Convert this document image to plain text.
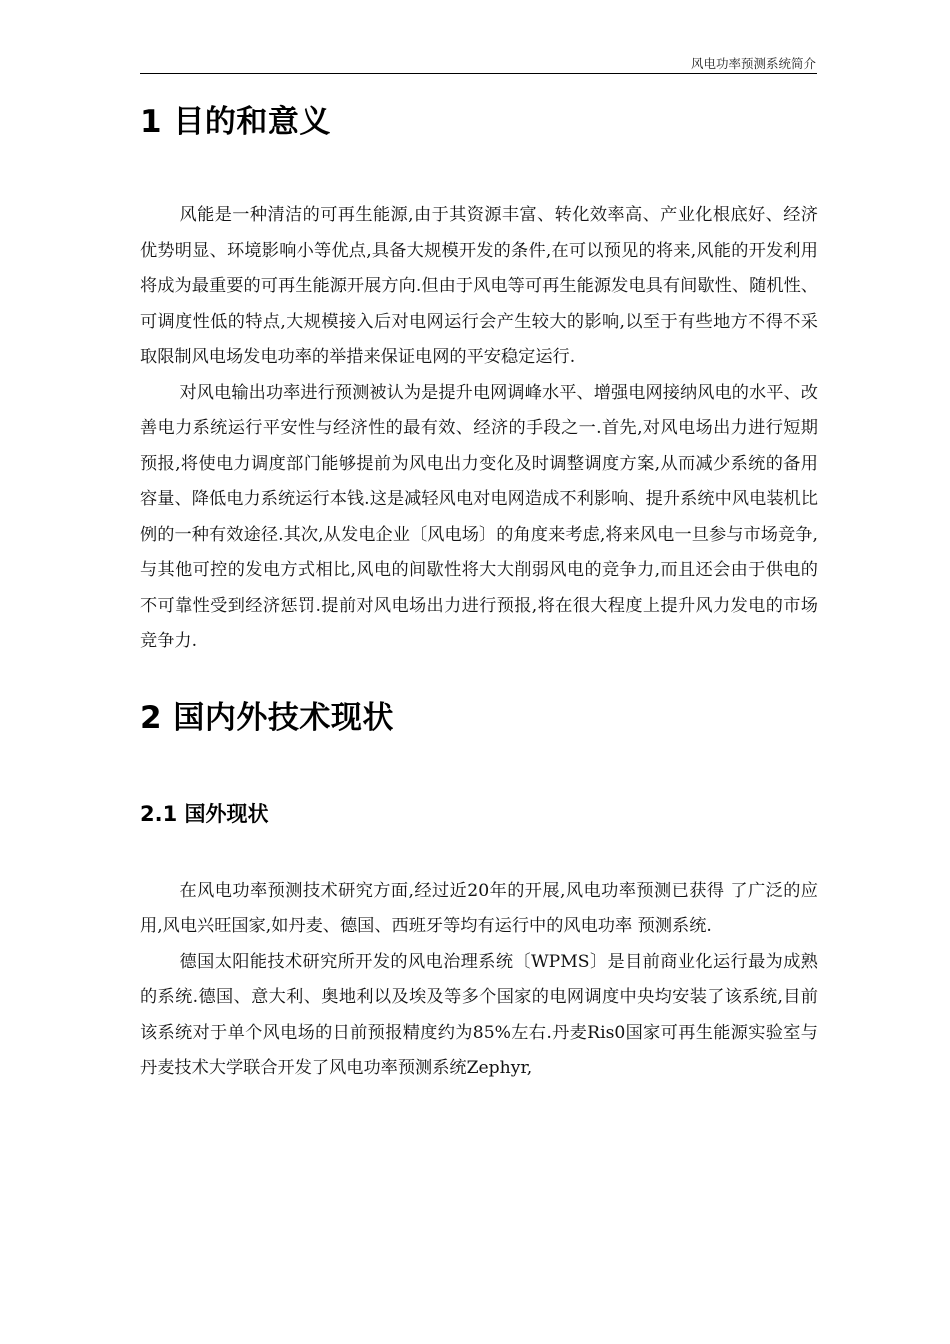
风电功率预测系统简介
1 目的和意义

风能是一种清洁的可再生能源,由于其资源丰富、转化效率高、产业化根底好、经济优势明显、环境影响小等优点,具备大规模开发的条件,在可以预见的将来,风能的开发利用将成为最重要的可再生能源开展方向.但由于风电等可再生能源发电具有间歇性、随机性、可调度性低的特点,大规模接入后对电网运行会产生较大的影响,以至于有些地方不得不采取限制风电场发电功率的举措来保证电网的平安稳定运行.

对风电输出功率进行预测被认为是提升电网调峰水平、增强电网接纳风电的水平、改善电力系统运行平安性与经济性的最有效、经济的手段之一.首先,对风电场出力进行短期预报,将使电力调度部门能够提前为风电出力变化及时调整调度方案,从而减少系统的备用容量、降低电力系统运行本钱.这是减轻风电对电网造成不利影响、提升系统中风电装机比例的一种有效途径.其次,从发电企业〔风电场〕的角度来考虑,将来风电一旦参与市场竞争,与其他可控的发电方式相比,风电的间歇性将大大削弱风电的竞争力,而且还会由于供电的不可靠性受到经济惩罚.提前对风电场出力进行预报,将在很大程度上提升风力发电的市场竞争力.

2 国内外技术现状
2.1 国外现状

在风电功率预测技术研究方面,经过近20年的开展,风电功率预测已获得 了广泛的应用,风电兴旺国家,如丹麦、德国、西班牙等均有运行中的风电功率 预测系统.

德国太阳能技术研究所开发的风电治理系统〔WPMS〕是目前商业化运行最为成熟的系统.德国、意大利、奥地利以及埃及等多个国家的电网调度中央均安装了该系统,目前该系统对于单个风电场的日前预报精度约为85%左右.丹麦Ris0国家可再生能源实验室与丹麦技术大学联合开发了风电功率预测系统Zephyr,
